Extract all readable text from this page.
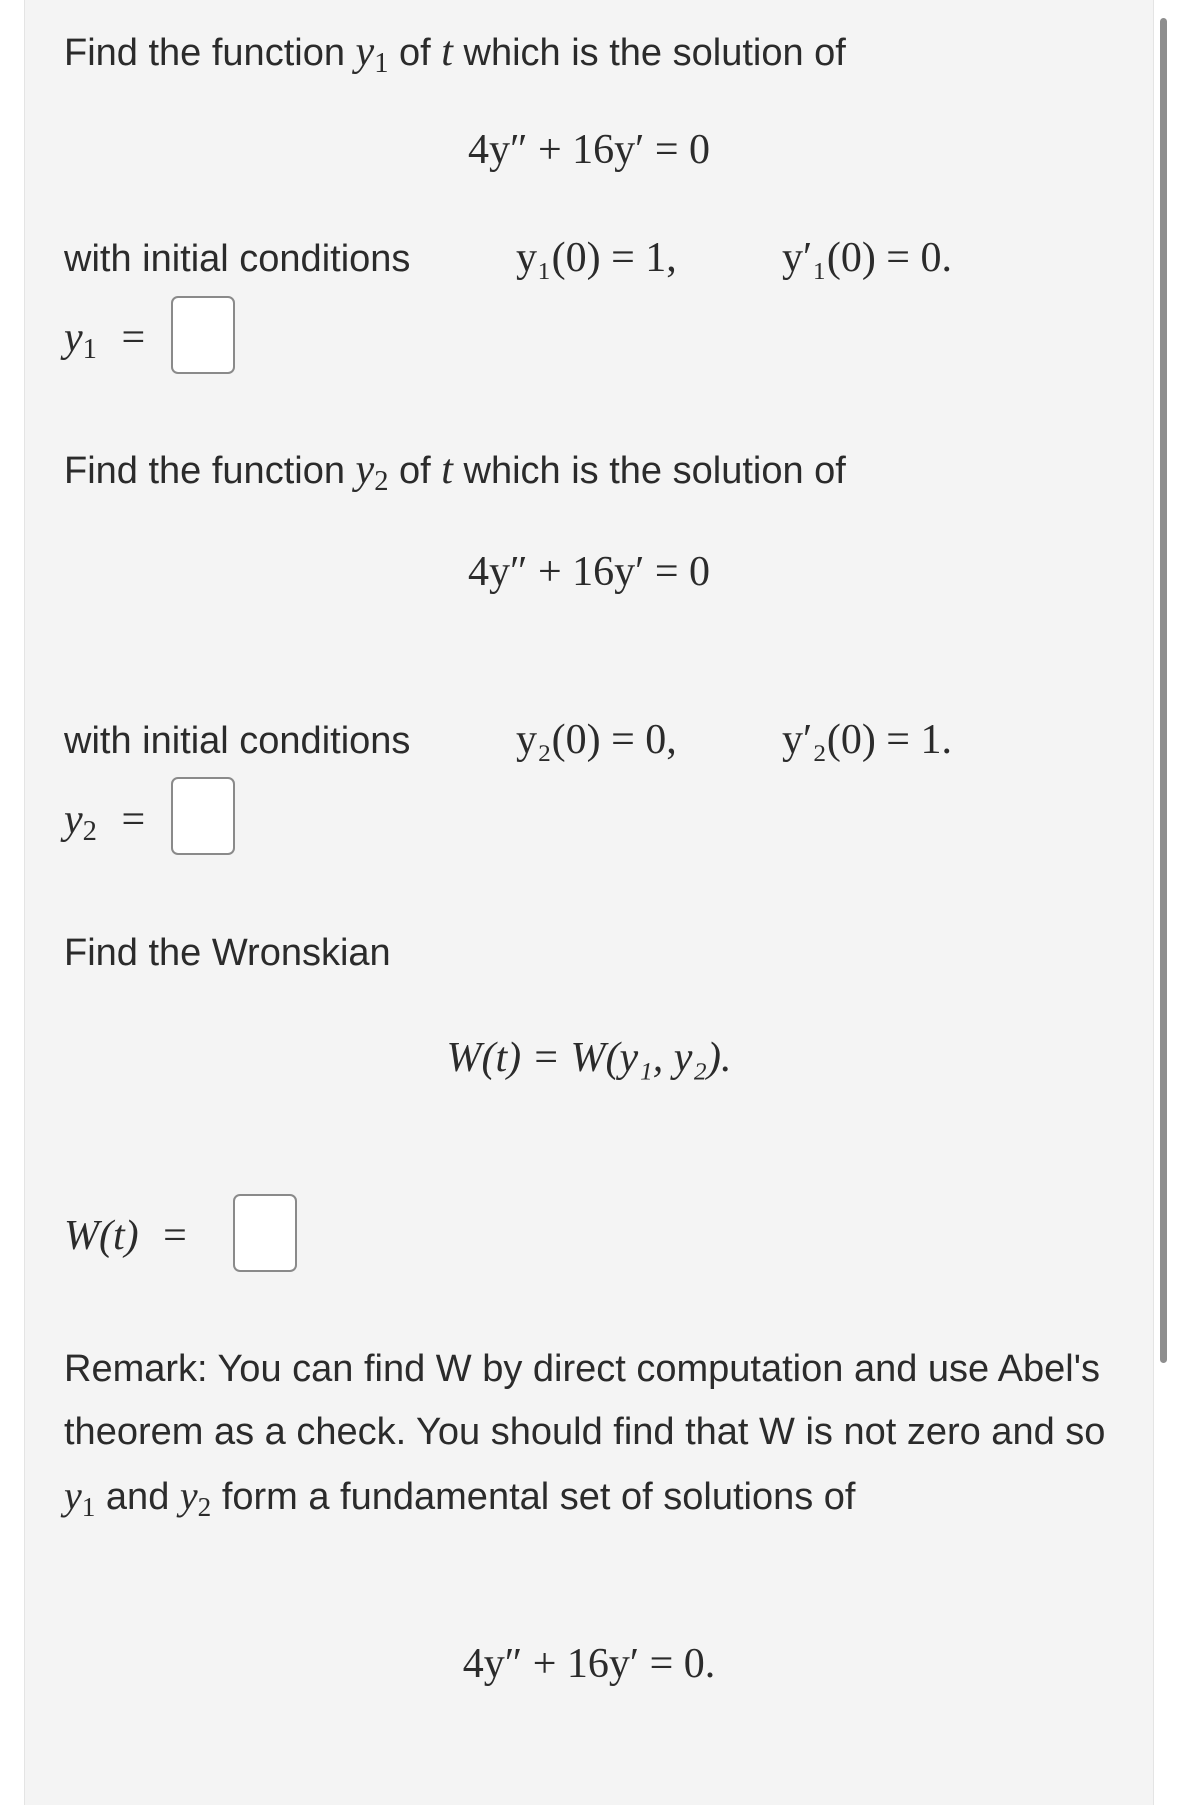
Find the function $y_1$ of t which is the solution of
4y″ + 16y′ = 0
with initial conditions	y₁(0) = 1,	y′₁(0) = 0.
$y_1$ =
Find the function $y_2$ of t which is the solution of
4y″ + 16y′ = 0
with initial conditions	y₂(0) = 0,	y′₂(0) = 1.
$y_2$ =
Find the Wronskian
W(t) = W(y₁, y₂).
W(t) =
Remark: You can find W by direct computation and use Abel's theorem as a check. You should find that W is not zero and so $y_1$ and $y_2$ form a fundamental set of solutions of
4y″ + 16y′ = 0.
